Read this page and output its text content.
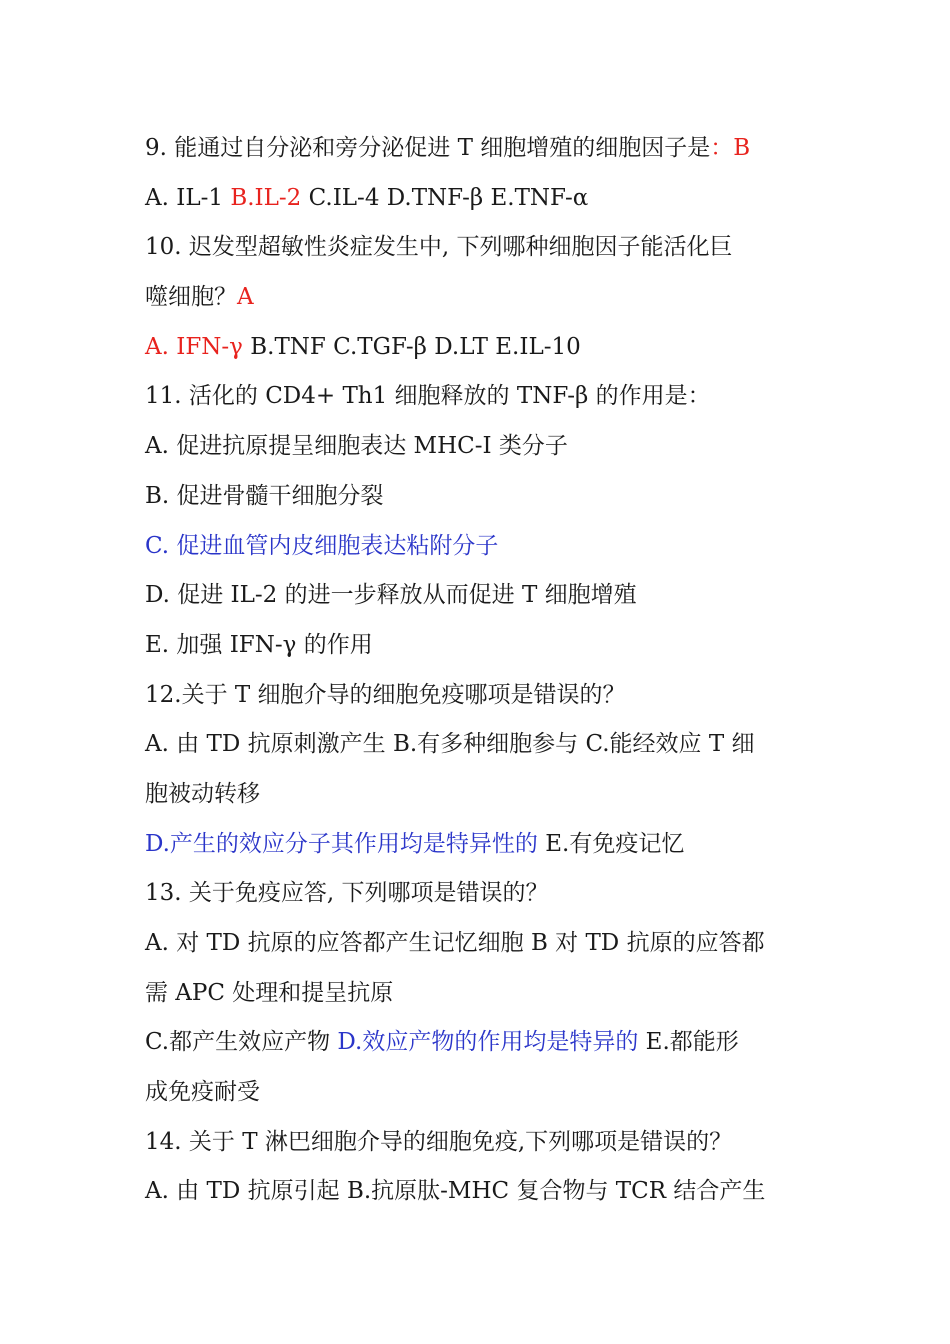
9. 能通过自分泌和旁分泌促进 T 细胞增殖的细胞因子是：B
A. IL-1 B.IL-2 C.IL-4 D.TNF-β E.TNF-α
10. 迟发型超敏性炎症发生中, 下列哪种细胞因子能活化巨
噬细胞？A
A. IFN-γ B.TNF C.TGF-β D.LT E.IL-10
11. 活化的 CD4+ Th1 细胞释放的 TNF-β 的作用是：
A. 促进抗原提呈细胞表达 MHC-I 类分子
B. 促进骨髓干细胞分裂
C. 促进血管内皮细胞表达粘附分子
D. 促进 IL-2 的进一步释放从而促进 T 细胞增殖
E. 加强 IFN-γ 的作用
12.关于 T 细胞介导的细胞免疫哪项是错误的？
A. 由 TD 抗原刺激产生 B.有多种细胞参与 C.能经效应 T 细
胞被动转移
D.产生的效应分子其作用均是特异性的 E.有免疫记忆
13. 关于免疫应答, 下列哪项是错误的？
A. 对 TD 抗原的应答都产生记忆细胞 B 对 TD 抗原的应答都
需 APC 处理和提呈抗原
C.都产生效应产物 D.效应产物的作用均是特异的 E.都能形
成免疫耐受
14. 关于 T 淋巴细胞介导的细胞免疫,下列哪项是错误的？
A. 由 TD 抗原引起 B.抗原肽-MHC 复合物与 TCR 结合产生
